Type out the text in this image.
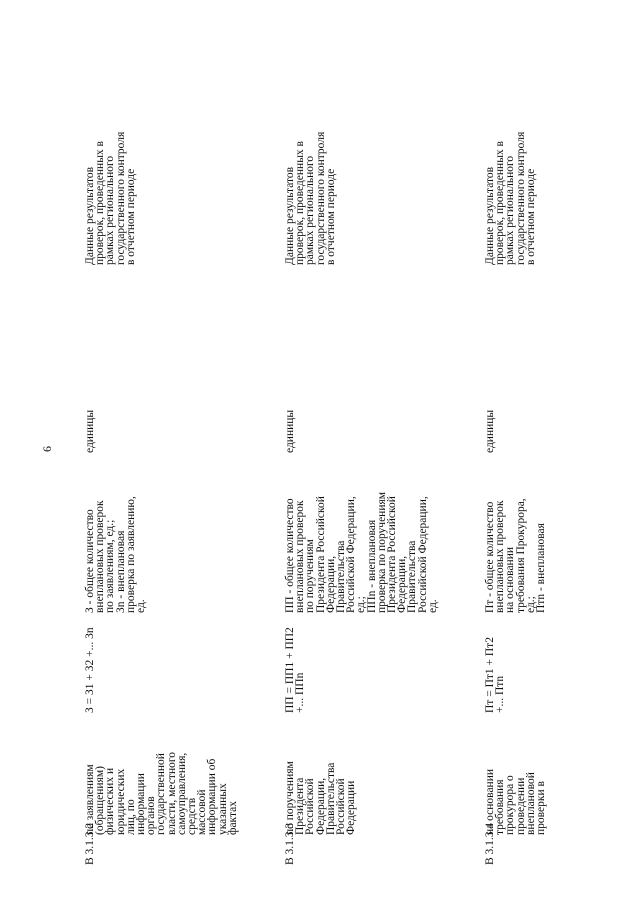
6
В 3.1.3.2
по заявлениям
(обращениям)
физических и
юридических
лиц, по
информации
органов
государственной
власти, местного
самоуправления,
средств
массовой
информации об
указанных
фактах
З = З1 + З2 +... Зn
З - общее количество
внеплановых проверок
по заявлениям, ед.;
Зn - внеплановая
проверка по заявлению,
ед.
единицы
Данные результатов
проверок, проведенных в
рамках регионального
государственного контроля
в отчетном периоде
В 3.1.3.3
по поручениям
Президента
Российской
Федерации,
Правительства
Российской
Федерации
ПП = ПП1 + ПП2
+... ППn
ПП - общее количество
внеплановых проверок
по поручениям
Президента Российской
Федерации,
Правительства
Российской Федерации,
ед.;
ППn - внеплановая
проверка по поручениям
Президента Российской
Федерации,
Правительства
Российской Федерации,
ед.
единицы
Данные результатов
проверок, проведенных в
рамках регионального
государственного контроля
в отчетном периоде
В 3.1.3.4
на основании
требования
прокурора о
проведении
внеплановой
проверки в
Пт = Пт1 + Пт2
+... Птn
Пт - общее количество
внеплановых проверок
на основании
требования Прокурора,
ед.;
Птn - внеплановая
единицы
Данные результатов
проверок, проведенных в
рамках регионального
государственного контроля
в отчетном периоде
